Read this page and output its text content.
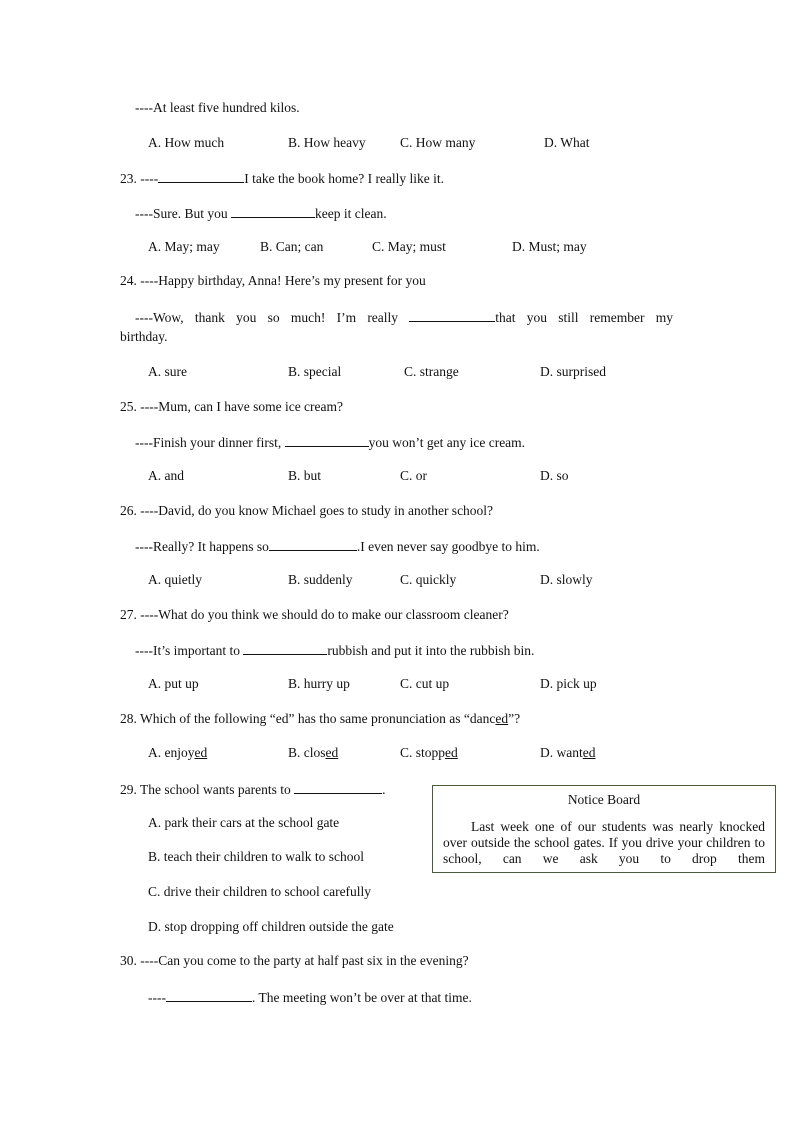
----At least five hundred kilos.
A. How much	B. How heavy	C. How many	D. What
23. ----	I take the book home? I really like it.
----Sure. But you	keep it clean.
A. May; may	B. Can; can	C. May; must	D. Must; may
24. ----Happy birthday, Anna! Here’s my present for you
----Wow, thank you so much! I’m really	that you still remember my
birthday.
A. sure	B. special	C. strange	D. surprised
25. ----Mum, can I have some ice cream?
----Finish your dinner first,	you won’t get any ice cream.
A. and	B. but	C. or	D. so
26. ----David, do you know Michael goes to study in another school?
----Really? It happens so	.I even never say goodbye to him.
A. quietly	B. suddenly	C. quickly	D. slowly
27. ----What do you think we should do to make our classroom cleaner?
----It’s important to	rubbish and put it into the rubbish bin.
A. put up	B. hurry up	C. cut up	D. pick up
28. Which of the following “ed” has tho same pronunciation as “danced”?
A. enjoyed	B. closed	C. stopped	D. wanted
29. The school wants parents to	.
A. park their cars at the school gate
B. teach their children to walk to school
C. drive their children to school carefully
D. stop dropping off children outside the gate
Notice Board
Last week one of our students was nearly knocked over outside the school gates. If you drive your children to school, can we ask you to drop them
30. ----Can you come to the party at half past six in the evening?
----	. The meeting won’t be over at that time.
